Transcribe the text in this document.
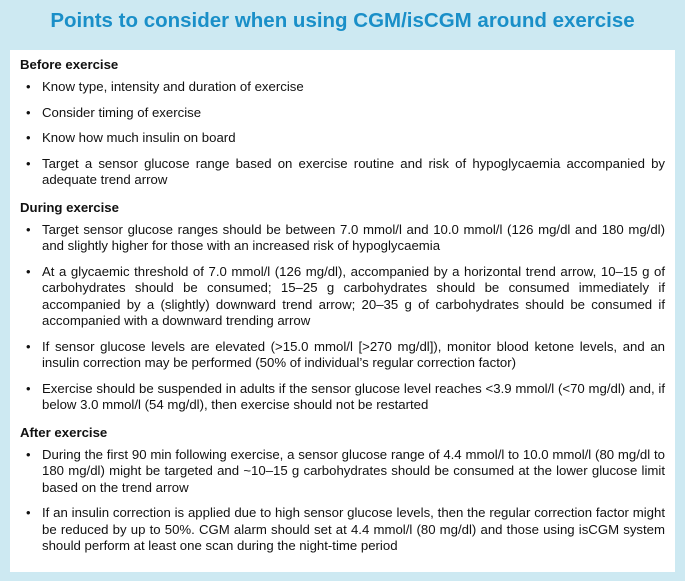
Points to consider when using CGM/isCGM around exercise

Before exercise

• Know type, intensity and duration of exercise
• Consider timing of exercise
• Know how much insulin on board
• Target a sensor glucose range based on exercise routine and risk of hypoglycaemia accompanied by adequate trend arrow

During exercise

• Target sensor glucose ranges should be between 7.0 mmol/l and 10.0 mmol/l (126 mg/dl and 180 mg/dl) and slightly higher for those with an increased risk of hypoglycaemia
• At a glycaemic threshold of 7.0 mmol/l (126 mg/dl), accompanied by a horizontal trend arrow, 10–15 g of carbohydrates should be consumed; 15–25 g carbohydrates should be consumed immediately if accompanied by a (slightly) downward trend arrow; 20–35 g of carbohydrates should be consumed if accompanied with a downward trending arrow
• If sensor glucose levels are elevated (>15.0 mmol/l [>270 mg/dl]), monitor blood ketone levels, and an insulin correction may be performed (50% of individual’s regular correction factor)
• Exercise should be suspended in adults if the sensor glucose level reaches <3.9 mmol/l (<70 mg/dl) and, if below 3.0 mmol/l (54 mg/dl), then exercise should not be restarted

After exercise

• During the first 90 min following exercise, a sensor glucose range of 4.4 mmol/l to 10.0 mmol/l (80 mg/dl to 180 mg/dl) might be targeted and ~10–15 g carbohydrates should be consumed at the lower glucose limit based on the trend arrow
• If an insulin correction is applied due to high sensor glucose levels, then the regular correction factor might be reduced by up to 50%. CGM alarm should set at 4.4 mmol/l (80 mg/dl) and those using isCGM system should perform at least one scan during the night-time period
